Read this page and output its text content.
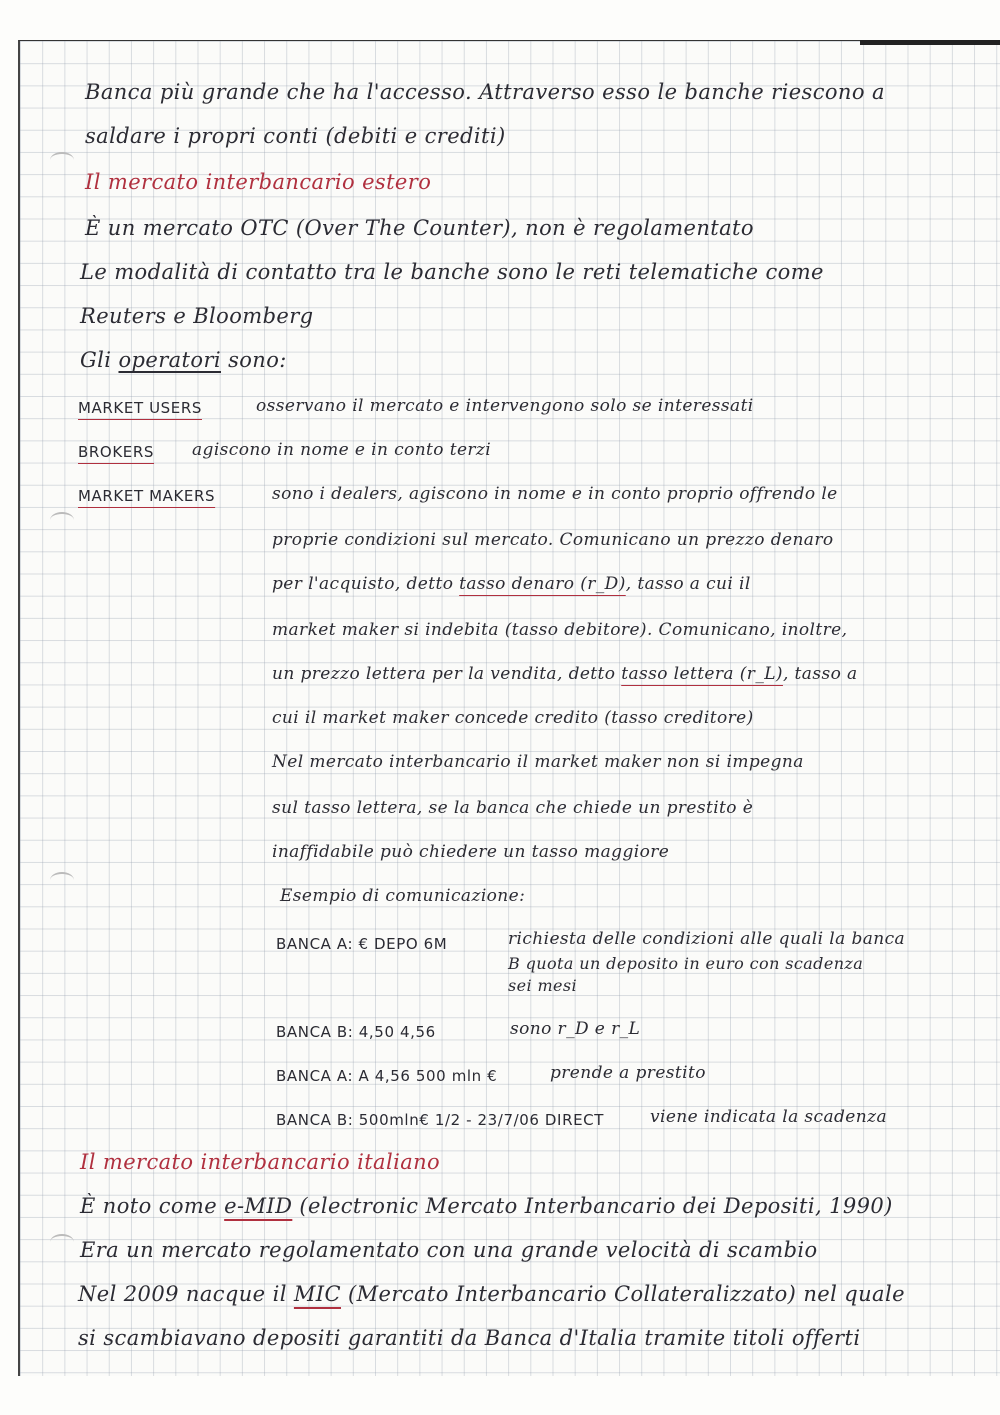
Banca più grande che ha l'accesso. Attraverso esso le banche riescono a
saldare i propri conti (debiti e crediti)
Il mercato interbancario estero
È un mercato OTC (Over The Counter), non è regolamentato
Le modalità di contatto tra le banche sono le reti telematiche come
Reuters e Bloomberg
Gli operatori sono:
MARKET USERS	osservano il mercato e intervengono solo se interessati
BROKERS agiscono in nome e in conto terzi
MARKET MAKERS	sono i dealers, agiscono in nome e in conto proprio offrendo le
proprie condizioni sul mercato. Comunicano un prezzo denaro
per l'acquisto, detto tasso denaro (r_D), tasso a cui il
market maker si indebita (tasso debitore). Comunicano, inoltre,
un prezzo lettera per la vendita, detto tasso lettera (r_L), tasso a
cui il market maker concede credito (tasso creditore)
Nel mercato interbancario il market maker non si impegna
sul tasso lettera, se la banca che chiede un prestito è
inaffidabile può chiedere un tasso maggiore
Esempio di comunicazione:
BANCA A: € DEPO 6M	richiesta delle condizioni alle quali la banca
B quota un deposito in euro con scadenza
sei mesi
BANCA B: 4,50 4,56	sono r_D e r_L
BANCA A: A 4,56 500 mln €	prende a prestito
BANCA B: 500mln€ 1/2 - 23/7/06 DIRECT	viene indicata la scadenza
Il mercato interbancario italiano
È noto come e-MID (electronic Mercato Interbancario dei Depositi, 1990)
Era un mercato regolamentato con una grande velocità di scambio
Nel 2009 nacque il MIC (Mercato Interbancario Collateralizzato) nel quale
si scambiavano depositi garantiti da Banca d'Italia tramite titoli offerti
